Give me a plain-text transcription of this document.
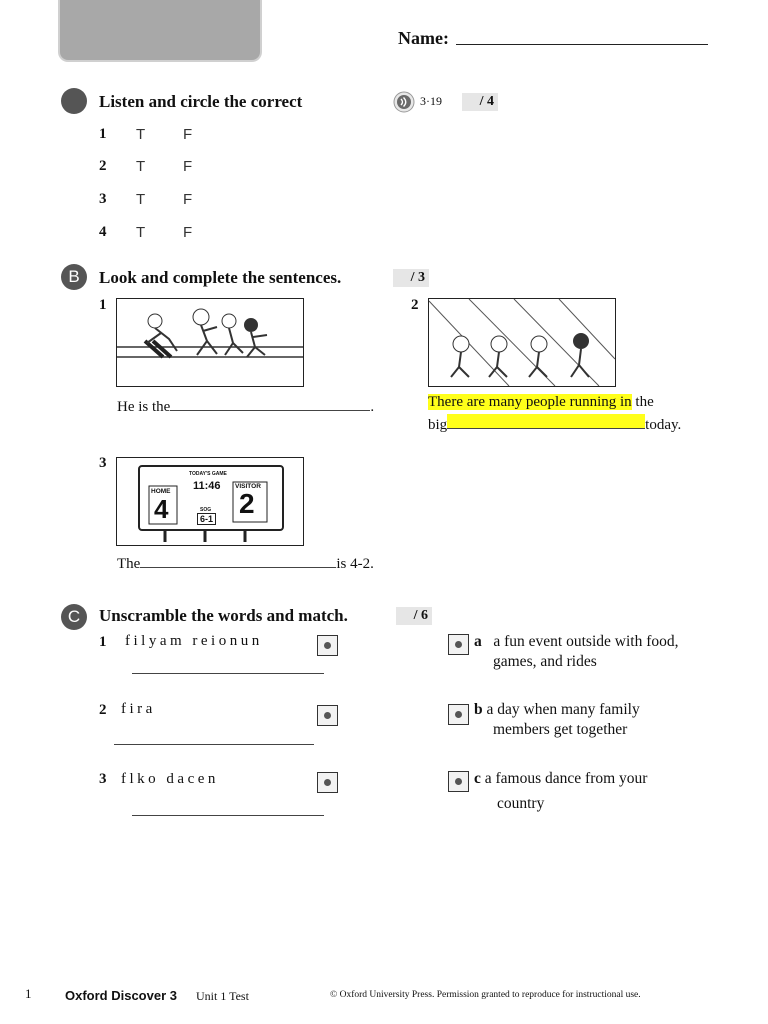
Name:
Listen and circle the correct	3·19	/ 4
1 T	F
2 T	F
3 T	F
4 T	F
B	Look and complete the sentences.	/ 3
1
He is the	.
2
There are many people running in the
big	today.
3
TODAY'S GAME
HOME
4
VISITOR
2
11:46
SOG
6-1
The	is 4-2.
C	Unscramble the words and match.	/ 6
1 filyam reionun
2 fira
3 flko dacen
a a fun event outside with food,
games, and rides
b a day when many family
members get together
c a famous dance from your
country
1	Oxford Discover 3 Unit 1 Test	© Oxford University Press. Permission granted to reproduce for instructional use.
